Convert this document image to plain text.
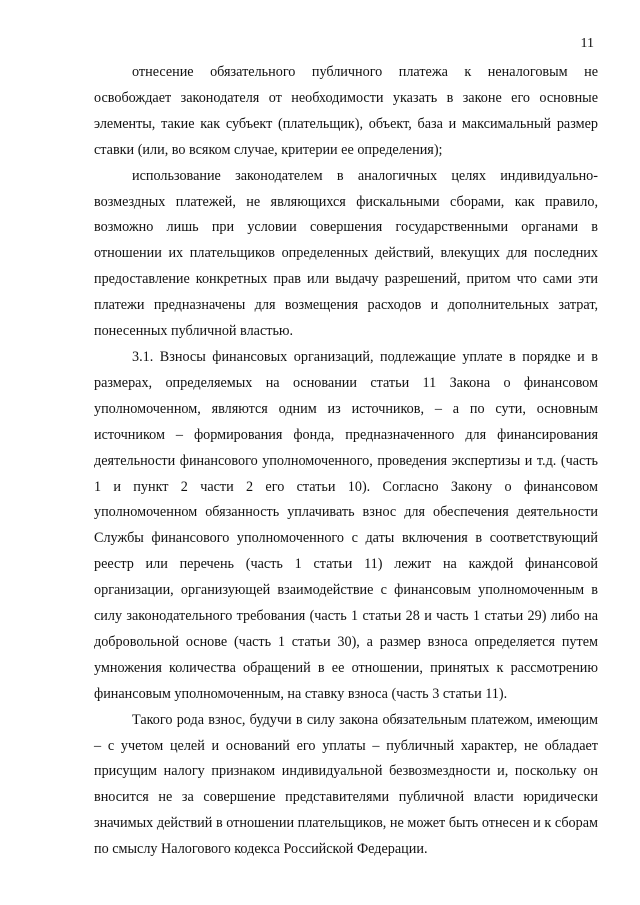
11

отнесение обязательного публичного платежа к неналоговым не освобождает законодателя от необходимости указать в законе его основные элементы, такие как субъект (плательщик), объект, база и максимальный размер ставки (или, во всяком случае, критерии ее определения);

использование законодателем в аналогичных целях индивидуально-возмездных платежей, не являющихся фискальными сборами, как правило, возможно лишь при условии совершения государственными органами в отношении их плательщиков определенных действий, влекущих для последних предоставление конкретных прав или выдачу разрешений, притом что сами эти платежи предназначены для возмещения расходов и дополнительных затрат, понесенных публичной властью.

3.1. Взносы финансовых организаций, подлежащие уплате в порядке и в размерах, определяемых на основании статьи 11 Закона о финансовом уполномоченном, являются одним из источников, – а по сути, основным источником – формирования фонда, предназначенного для финансирования деятельности финансового уполномоченного, проведения экспертизы и т.д. (часть 1 и пункт 2 части 2 его статьи 10). Согласно Закону о финансовом уполномоченном обязанность уплачивать взнос для обеспечения деятельности Службы финансового уполномоченного с даты включения в соответствующий реестр или перечень (часть 1 статьи 11) лежит на каждой финансовой организации, организующей взаимодействие с финансовым уполномоченным в силу законодательного требования (часть 1 статьи 28 и часть 1 статьи 29) либо на добровольной основе (часть 1 статьи 30), а размер взноса определяется путем умножения количества обращений в ее отношении, принятых к рассмотрению финансовым уполномоченным, на ставку взноса (часть 3 статьи 11).

Такого рода взнос, будучи в силу закона обязательным платежом, имеющим – с учетом целей и оснований его уплаты – публичный характер, не обладает присущим налогу признаком индивидуальной безвозмездности и, поскольку он вносится не за совершение представителями публичной власти юридически значимых действий в отношении плательщиков, не может быть отнесен и к сборам по смыслу Налогового кодекса Российской Федерации.
